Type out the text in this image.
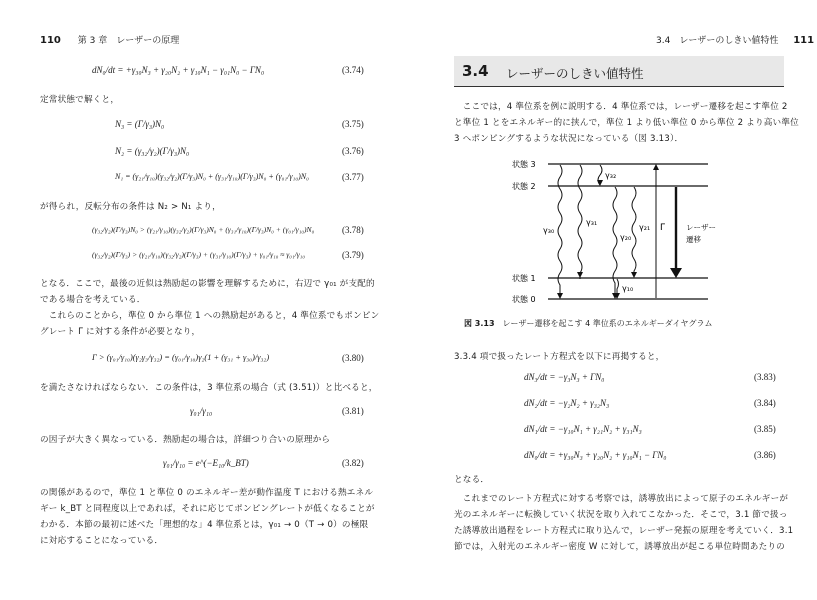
110 第 3 章　レーザーの原理
dN₀/dt = +γ₃₀N₃ + γ₂₀N₂ + γ₁₀N₁ − γ₀₁N₀ − ΓN₀	(3.74)
定常状態で解くと，
N₃ = (Γ/γ₃)N₀	(3.75)
N₂ = (γ₃₂/γ₂)(Γ/γ₃)N₀	(3.76)
N₁ = (γ₂₁/γ₁₀)(γ₃₂/γ₂)(Γ/γ₃)N₀ + (γ₃₁/γ₁₀)(Γ/γ₃)N₀ + (γ₀₁/γ₁₀)N₀	(3.77)
が得られ，反転分布の条件は N₂ > N₁ より，
(γ₃₂/γ₂)(Γ/γ₃)N₀ > (γ₂₁/γ₁₀)(γ₃₂/γ₂)(Γ/γ₃)N₀ + (γ₃₁/γ₁₀)(Γ/γ₃)N₀ + (γ₀₁/γ₁₀)N₀	(3.78)
(γ₃₂/γ₂)(Γ/γ₃) > (γ₂₁/γ₁₀)(γ₃₂/γ₂)(Γ/γ₃) + (γ₃₁/γ₁₀)(Γ/γ₃) + γ₀₁/γ₁₀ ≈ γ₀₁/γ₁₀	(3.79)
となる．ここで，最後の近似は熱励起の影響を理解するために，右辺で γ₀₁ が支配的
である場合を考えている．
　これらのことから，準位 0 から準位 1 への熱励起があると，4 準位系でもポンピン
グレート Γ に対する条件が必要となり，
Γ > (γ₀₁/γ₁₀)(γ₂γ₃/γ₃₂) = (γ₀₁/γ₁₀)γ₂(1 + (γ₃₁ + γ₃₀)/γ₃₂)	(3.80)
を満たさなければならない．この条件は，3 準位系の場合（式 (3.51)）と比べると，
γ₀₁/γ₁₀	(3.81)
の因子が大きく異なっている．熱励起の場合は，詳細つり合いの原理から
γ₀₁/γ₁₀ = e^(−E₁₀/k_BT)	(3.82)
の関係があるので，準位 1 と準位 0 のエネルギー差が動作温度 T における熱エネル
ギー k_BT と同程度以上であれば，それに応じてポンピングレートが低くなることが
わかる．本節の最初に述べた「理想的な」4 準位系とは，γ₀₁ → 0（T → 0）の極限
に対応することになっている．
3.4　レーザーのしきい値特性 111
3.4 レーザーのしきい値特性
　ここでは，4 準位系を例に説明する．4 準位系では，レーザー遷移を起こす準位 2
と準位 1 とをエネルギー的に挟んで，準位 1 より低い準位 0 から準位 2 より高い準位
3 へポンピングするような状況になっている（図 3.13）．
状態 3
状態 2
状態 1
状態 0
γ₃₂
γ₃₁
γ₃₀
γ₂₀
γ₂₁
γ₁₀
Γ	レーザー
遷移
図 3.13 レーザー遷移を起こす 4 準位系のエネルギーダイヤグラム
3.3.4 項で扱ったレート方程式を以下に再掲すると，
dN₃/dt = −γ₃N₃ + ΓN₀	(3.83)
dN₂/dt = −γ₂N₂ + γ₃₂N₃	(3.84)
dN₁/dt = −γ₁₀N₁ + γ₂₁N₂ + γ₃₁N₃	(3.85)
dN₀/dt = +γ₃₀N₃ + γ₂₀N₂ + γ₁₀N₁ − ΓN₀	(3.86)
となる．
　これまでのレート方程式に対する考察では，誘導放出によって原子のエネルギーが
光のエネルギーに転換していく状況を取り入れてこなかった．そこで，3.1 節で扱っ
た誘導放出過程をレート方程式に取り込んで，レーザー発振の原理を考えていく．3.1
節では，入射光のエネルギー密度 W に対して，誘導放出が起こる単位時間あたりの
